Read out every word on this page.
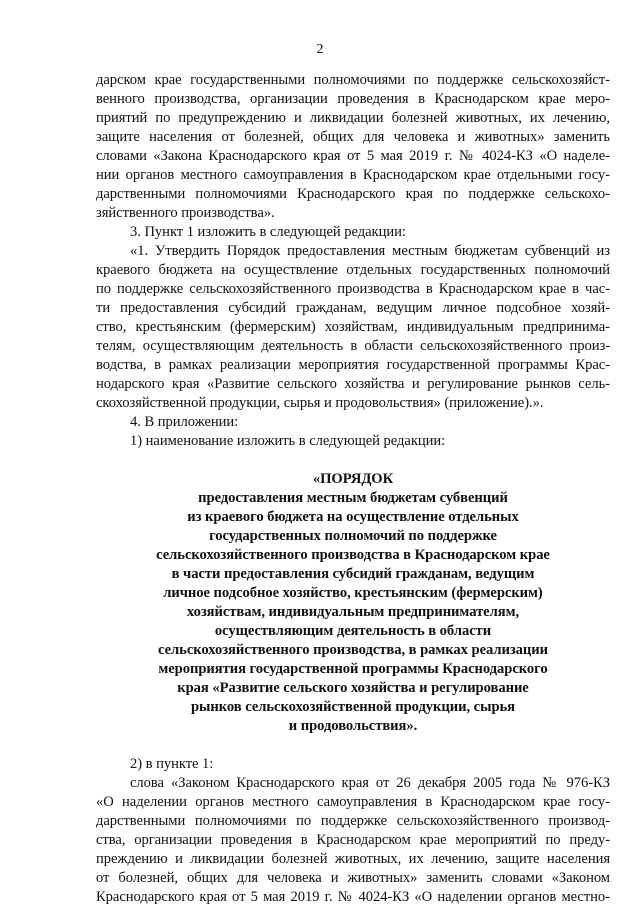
2
дарском крае государственными полномочиями по поддержке сельскохозяйст-
венного производства, организации проведения в Краснодарском крае меро-
приятий по предупреждению и ликвидации болезней животных, их лечению,
защите населения от болезней, общих для человека и животных» заменить
словами «Закона Краснодарского края от 5 мая 2019 г. № 4024-КЗ «О наделе-
нии органов местного самоуправления в Краснодарском крае отдельными госу-
дарственными полномочиями Краснодарского края по поддержке сельскохо-
зяйственного производства».
3. Пункт 1 изложить в следующей редакции:
«1. Утвердить Порядок предоставления местным бюджетам субвенций из
краевого бюджета на осуществление отдельных государственных полномочий
по поддержке сельскохозяйственного производства в Краснодарском крае в час-
ти предоставления субсидий гражданам, ведущим личное подсобное хозяй-
ство, крестьянским (фермерским) хозяйствам, индивидуальным предпринима-
телям, осуществляющим деятельность в области сельскохозяйственного произ-
водства, в рамках реализации мероприятия государственной программы Крас-
нодарского края «Развитие сельского хозяйства и регулирование рынков сель-
скохозяйственной продукции, сырья и продовольствия» (приложение).».
4. В приложении:
1) наименование изложить в следующей редакции:
«ПОРЯДОК
предоставления местным бюджетам субвенций
из краевого бюджета на осуществление отдельных
государственных полномочий по поддержке
сельскохозяйственного производства в Краснодарском крае
в части предоставления субсидий гражданам, ведущим
личное подсобное хозяйство, крестьянским (фермерским)
хозяйствам, индивидуальным предпринимателям,
осуществляющим деятельность в области
сельскохозяйственного производства, в рамках реализации
мероприятия государственной программы Краснодарского
края «Развитие сельского хозяйства и регулирование
рынков сельскохозяйственной продукции, сырья
и продовольствия».
2) в пункте 1:
слова «Законом Краснодарского края от 26 декабря 2005 года № 976-КЗ
«О наделении органов местного самоуправления в Краснодарском крае госу-
дарственными полномочиями по поддержке сельскохозяйственного производ-
ства, организации проведения в Краснодарском крае мероприятий по преду-
преждению и ликвидации болезней животных, их лечению, защите населения
от болезней, общих для человека и животных» заменить словами «Законом
Краснодарского края от 5 мая 2019 г. № 4024-КЗ «О наделении органов местно-
